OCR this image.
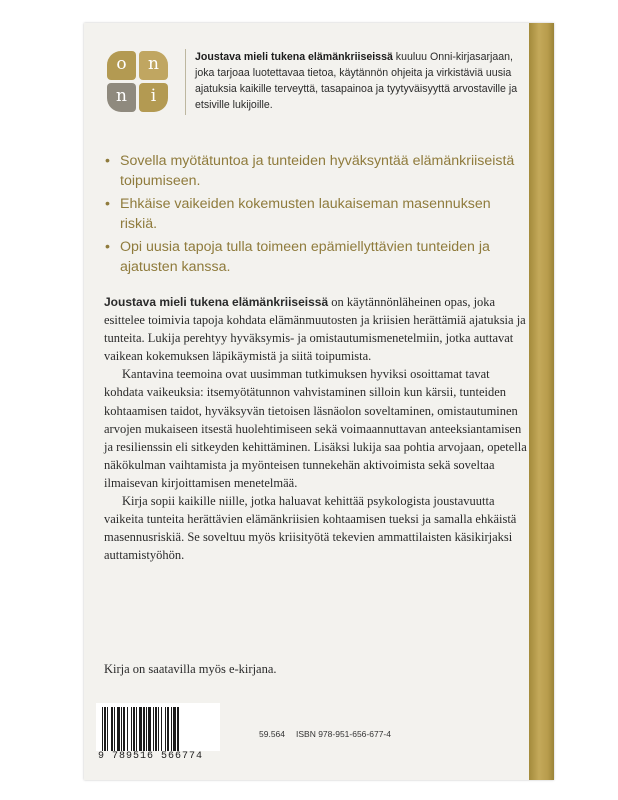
o	n
n	i
Joustava mieli tukena elämänkriiseissä kuuluu Onni-kirjasarjaan, joka tarjoaa luotettavaa tietoa, käytännön ohjeita ja virkistäviä uusia ajatuksia kaikille terveyttä, tasapainoa ja tyytyväisyyttä arvostaville ja etsiville lukijoille.
• Sovella myötätuntoa ja tunteiden hyväksyntää elämänkriiseistä toipumiseen.
• Ehkäise vaikeiden kokemusten laukaiseman masennuksen riskiä.
• Opi uusia tapoja tulla toimeen epämiellyttävien tunteiden ja ajatusten kanssa.

Joustava mieli tukena elämänkriiseissä on käytännönläheinen opas, joka esittelee toimivia tapoja kohdata elämänmuutosten ja kriisien herättämiä ajatuksia ja tunteita. Lukija perehtyy hyväksymis- ja omistautumismenetelmiin, jotka auttavat vaikean kokemuksen läpikäymistä ja siitä toipumista.

Kantavina teemoina ovat uusimman tutkimuksen hyviksi osoittamat tavat kohdata vaikeuksia: itsemyötätunnon vahvistaminen silloin kun kärsii, tunteiden kohtaamisen taidot, hyväksyvän tietoisen läsnäolon soveltaminen, omistautuminen arvojen mukaiseen itsestä huolehtimiseen sekä voimaannuttavan anteeksiantamisen ja resilienssin eli sitkeyden kehittäminen. Lisäksi lukija saa pohtia arvojaan, opetella näkökulman vaihtamista ja myönteisen tunnekehän aktivoimista sekä soveltaa ilmaisevan kirjoittamisen menetelmää.

Kirja sopii kaikille niille, jotka haluavat kehittää psykologista joustavuutta vaikeita tunteita herättävien elämänkriisien kohtaamisen tueksi ja samalla ehkäistä masennusriskiä. Se soveltuu myös kriisityötä tekevien ammattilaisten käsikirjaksi auttamistyöhön.

Kirja on saatavilla myös e-kirjana.
9 789516 566774
59.564 ISBN 978-951-656-677-4
